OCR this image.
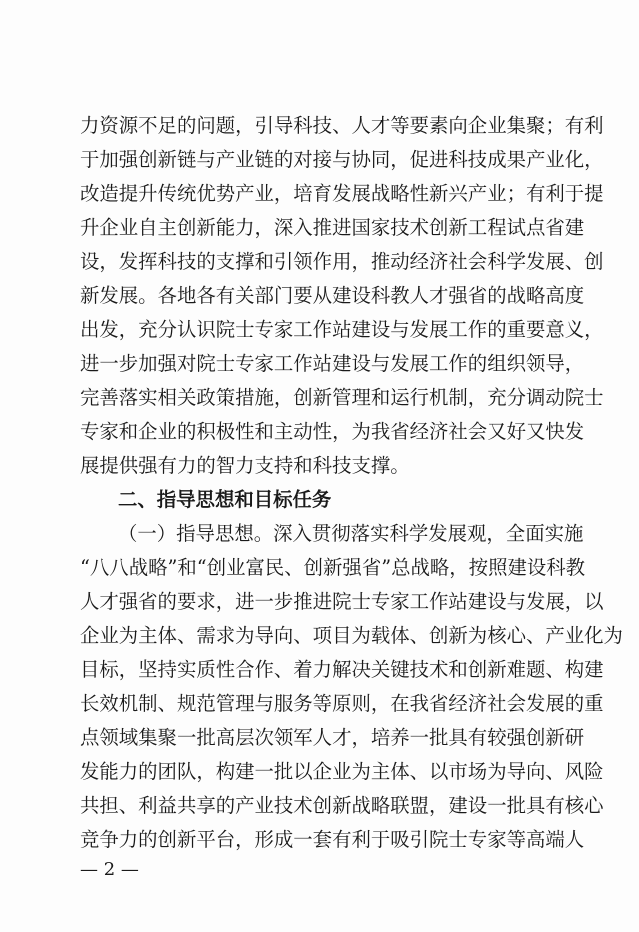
力资源不足的问题，引导科技、人才等要素向企业集聚；有利
于加强创新链与产业链的对接与协同，促进科技成果产业化，
改造提升传统优势产业，培育发展战略性新兴产业；有利于提
升企业自主创新能力，深入推进国家技术创新工程试点省建
设，发挥科技的支撑和引领作用，推动经济社会科学发展、创
新发展。各地各有关部门要从建设科教人才强省的战略高度
出发，充分认识院士专家工作站建设与发展工作的重要意义，
进一步加强对院士专家工作站建设与发展工作的组织领导，
完善落实相关政策措施，创新管理和运行机制，充分调动院士
专家和企业的积极性和主动性，为我省经济社会又好又快发
展提供强有力的智力支持和科技支撑。
二、指导思想和目标任务
（一）指导思想。深入贯彻落实科学发展观，全面实施
“八八战略”和“创业富民、创新强省”总战略，按照建设科教
人才强省的要求，进一步推进院士专家工作站建设与发展，以
企业为主体、需求为导向、项目为载体、创新为核心、产业化为
目标，坚持实质性合作、着力解决关键技术和创新难题、构建
长效机制、规范管理与服务等原则，在我省经济社会发展的重
点领域集聚一批高层次领军人才，培养一批具有较强创新研
发能力的团队，构建一批以企业为主体、以市场为导向、风险
共担、利益共享的产业技术创新战略联盟，建设一批具有核心
竞争力的创新平台，形成一套有利于吸引院士专家等高端人
— 2 —
